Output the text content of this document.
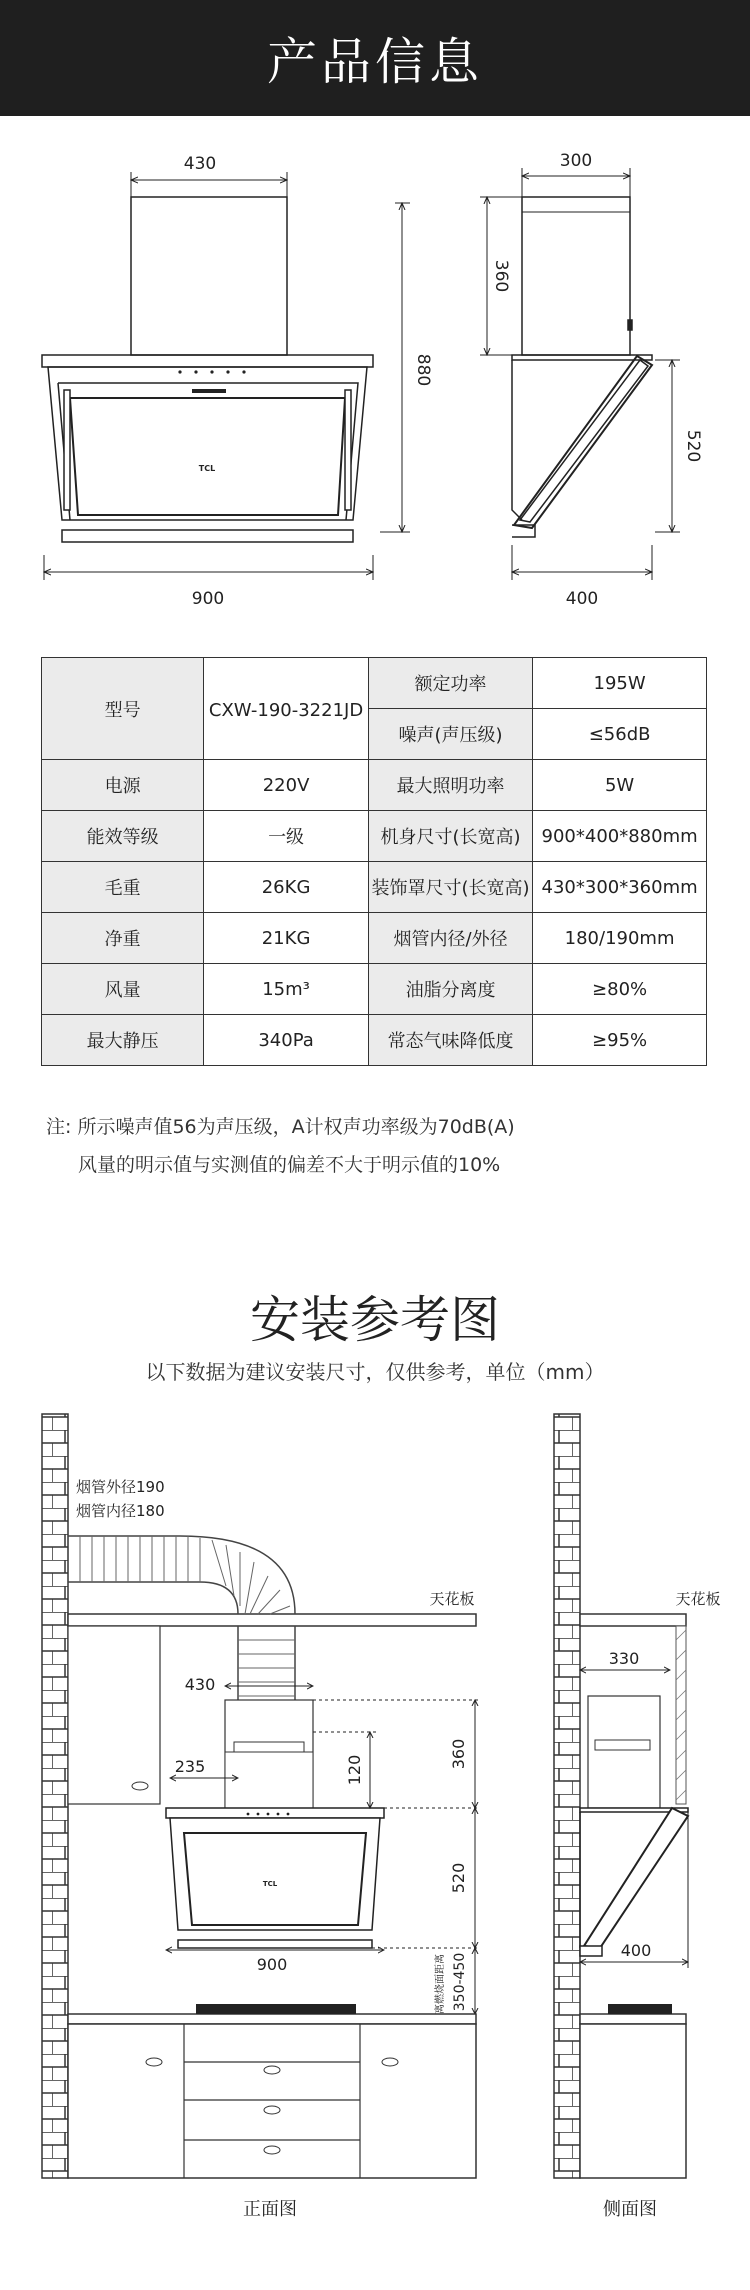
产品信息
TCL
430
880
900
300
360
520
400
型号	CXW-190-3221JD	额定功率	195W
		噪声(声压级)	≤56dB
电源	220V	最大照明功率	5W
能效等级	一级	机身尺寸(长宽高)	900*400*880mm
毛重	26KG	装饰罩尺寸(长宽高)	430*300*360mm
净重	21KG	烟管内径/外径	180/190mm
风量	15m³	油脂分离度	≥80%
最大静压	340Pa	常态气味降低度	≥95%
注: 所示噪声值56为声压级，A计权声功率级为70dB(A)
风量的明示值与实测值的偏差不大于明示值的10%
安装参考图
以下数据为建议安装尺寸，仅供参考，单位（mm）
天花板
烟管外径190
烟管内径180
TCL
430
235	120
360
520
900	350-450
离燃烧面距离
正面图
天花板
330
400
侧面图
